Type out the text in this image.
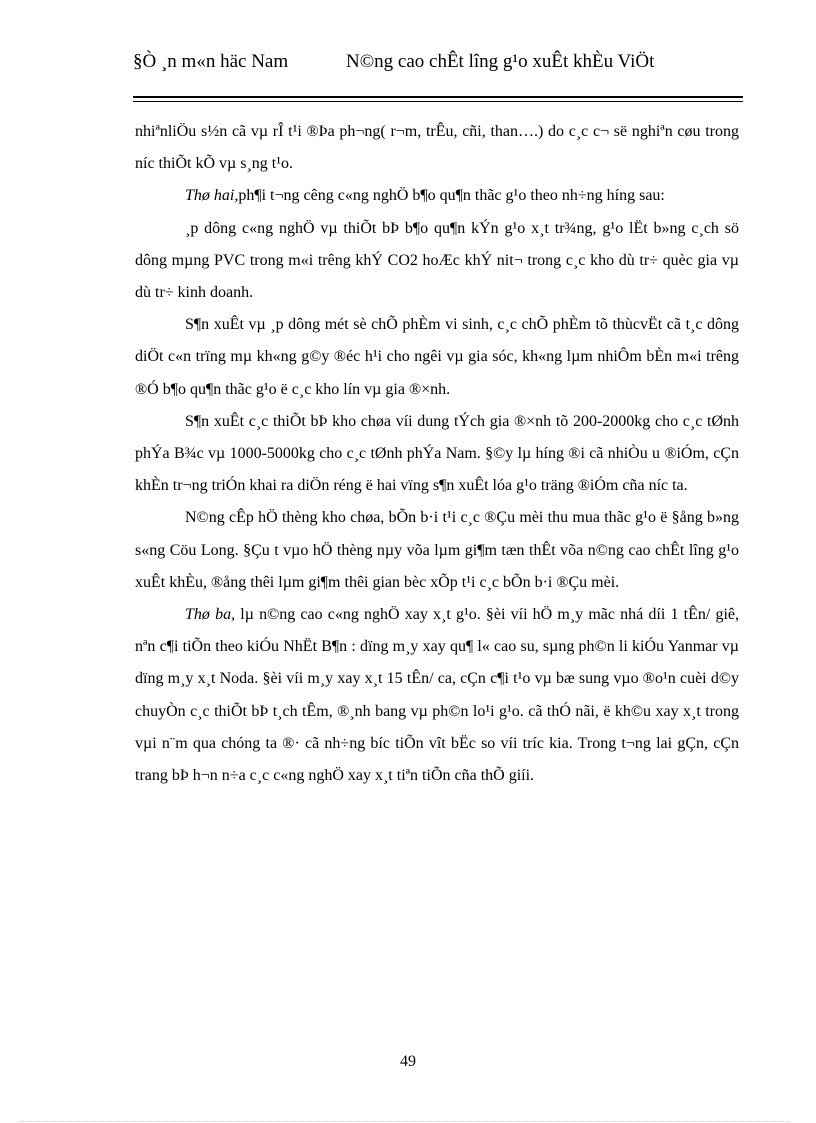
§Ò ¸n m«n häc Nam	N©ng cao chÊt lîng g¹o xuÊt khÈu ViÖt

nhiªnliÖu s½n cã vµ rÎ t¹i ®Þa ph¬ng( r¬m, trÊu, cñi, than….) do c¸c c¬ së nghiªn cøu trong níc thiÕt kÕ vµ s¸ng t¹o.

Thø hai,ph¶i t¬ng cêng c«ng nghÖ b¶o qu¶n thãc g¹o theo nh÷ng híng sau:

¸p dông c«ng nghÖ vµ thiÕt bÞ b¶o qu¶n kÝn g¹o x¸t tr¾ng, g¹o lËt b»ng c¸ch sö dông mµng PVC trong m«i trêng khÝ CO2 hoÆc khÝ nit¬ trong c¸c kho dù tr÷ quèc gia vµ dù tr÷ kinh doanh.

S¶n xuÊt vµ ¸p dông mét sè chÕ phÈm vi sinh, c¸c chÕ phÈm tõ thùcvËt cã t¸c dông diÖt c«n trïng mµ kh«ng g©y ®éc h¹i cho ngêi vµ gia sóc, kh«ng lµm nhiÔm bÈn m«i trêng ®Ó b¶o qu¶n thãc g¹o ë c¸c kho lín vµ gia ®×nh.

S¶n xuÊt c¸c thiÕt bÞ kho chøa víi dung tÝch gia ®×nh tõ 200-2000kg cho c¸c tØnh phÝa B¾c vµ 1000-5000kg cho c¸c tØnh phÝa Nam. §©y lµ híng ®i cã nhiÒu u ®iÓm, cÇn khÈn tr¬ng triÓn khai ra diÖn réng ë hai vïng s¶n xuÊt lóa g¹o träng ®iÓm cña níc ta.

N©ng cÊp hÖ thèng kho chøa, bÕn b·i t¹i c¸c ®Çu mèi thu mua thãc g¹o ë §ång b»ng s«ng Cöu Long. §Çu t vµo hÖ thèng nµy võa lµm gi¶m tæn thÊt võa n©ng cao chÊt lîng g¹o xuÊt khÈu, ®ång thêi lµm gi¶m thêi gian bèc xÕp t¹i c¸c bÕn b·i ®Çu mèi.

Thø ba, lµ n©ng cao c«ng nghÖ xay x¸t g¹o. §èi víi hÖ m¸y mãc nhá díi 1 tÊn/ giê, nªn c¶i tiÕn theo kiÓu NhËt B¶n : dïng m¸y xay qu¶ l« cao su, sµng ph©n li kiÓu Yanmar vµ dïng m¸y x¸t Noda. §èi víi m¸y xay x¸t 15 tÊn/ ca, cÇn c¶i t¹o vµ bæ sung vµo ®o¹n cuèi d©y chuyÒn c¸c thiÕt bÞ t¸ch tÊm, ®¸nh bang vµ ph©n lo¹i g¹o. cã thÓ nãi, ë kh©u xay x¸t trong vµi n¨m qua chóng ta ®· cã nh÷ng bíc tiÕn vît bËc so víi tríc kia. Trong t¬ng lai gÇn, cÇn trang bÞ h¬n n÷a c¸c c«ng nghÖ xay x¸t tiªn tiÕn cña thÕ giíi.

49
